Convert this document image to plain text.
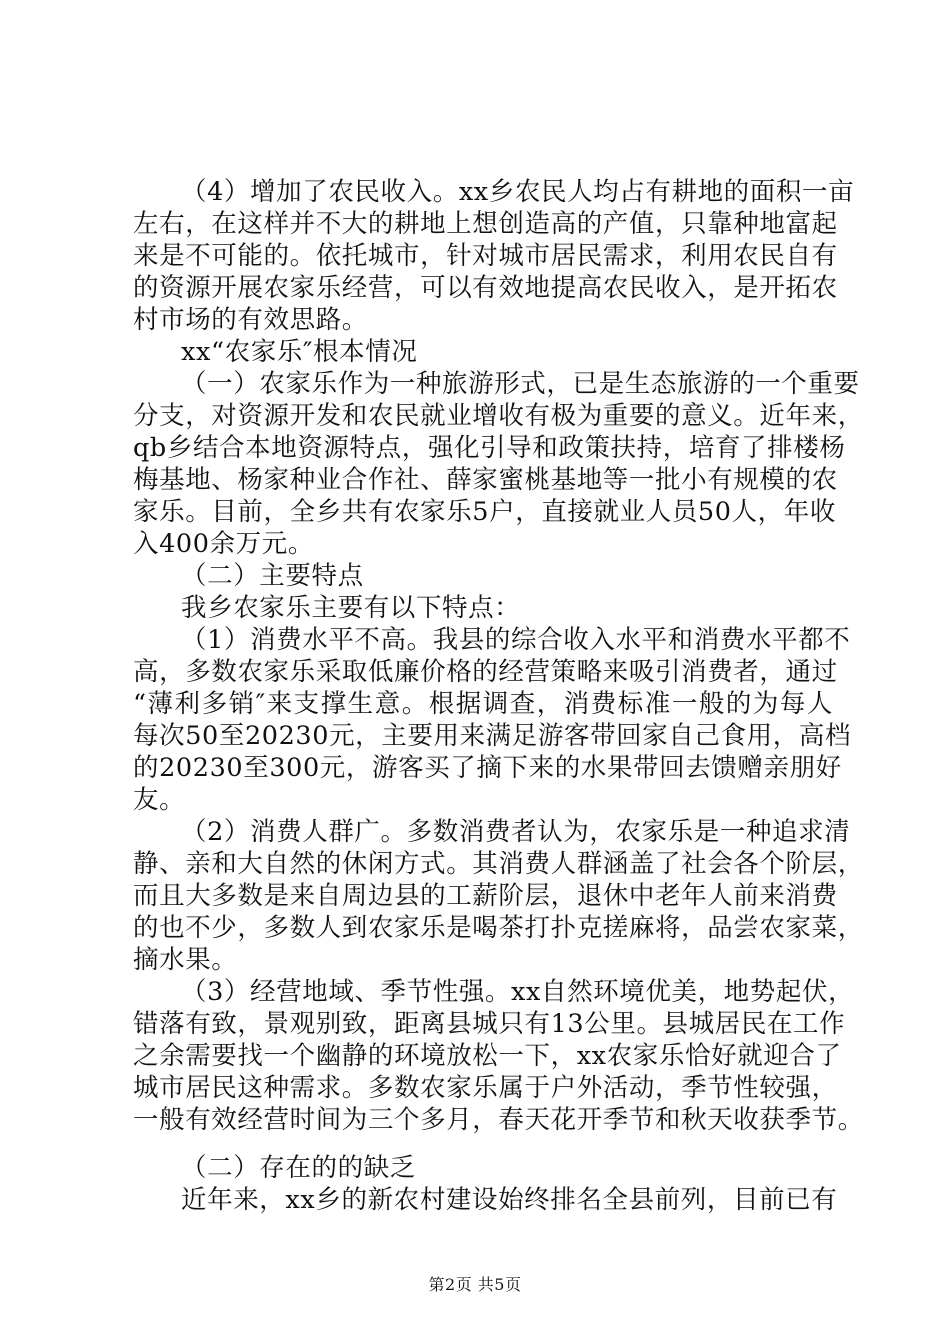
（4）增加了农民收入。xx乡农民人均占有耕地的面积一亩
左右，在这样并不大的耕地上想创造高的产值，只靠种地富起
来是不可能的。依托城市，针对城市居民需求，利用农民自有
的资源开展农家乐经营，可以有效地提高农民收入，是开拓农
村市场的有效思路。
xx“农家乐″根本情况
（一）农家乐作为一种旅游形式，已是生态旅游的一个重要
分支，对资源开发和农民就业增收有极为重要的意义。近年来，
qb乡结合本地资源特点，强化引导和政策扶持，培育了排楼杨
梅基地、杨家种业合作社、薛家蜜桃基地等一批小有规模的农
家乐。目前，全乡共有农家乐5户，直接就业人员50人，年收
入400余万元。
（二）主要特点
我乡农家乐主要有以下特点：
（1）消费水平不高。我县的综合收入水平和消费水平都不
高，多数农家乐采取低廉价格的经营策略来吸引消费者，通过
“薄利多销″来支撑生意。根据调查，消费标准一般的为每人
每次50至20230元，主要用来满足游客带回家自己食用，高档
的20230至300元，游客买了摘下来的水果带回去馈赠亲朋好
友。
（2）消费人群广。多数消费者认为，农家乐是一种追求清
静、亲和大自然的休闲方式。其消费人群涵盖了社会各个阶层，
而且大多数是来自周边县的工薪阶层，退休中老年人前来消费
的也不少，多数人到农家乐是喝茶打扑克搓麻将，品尝农家菜，
摘水果。
（3）经营地域、季节性强。xx自然环境优美，地势起伏，
错落有致，景观别致，距离县城只有13公里。县城居民在工作
之余需要找一个幽静的环境放松一下，xx农家乐恰好就迎合了
城市居民这种需求。多数农家乐属于户外活动，季节性较强，
一般有效经营时间为三个多月，春天花开季节和秋天收获季节。
（二）存在的的缺乏
近年来，xx乡的新农村建设始终排名全县前列，目前已有
第2页 共5页
